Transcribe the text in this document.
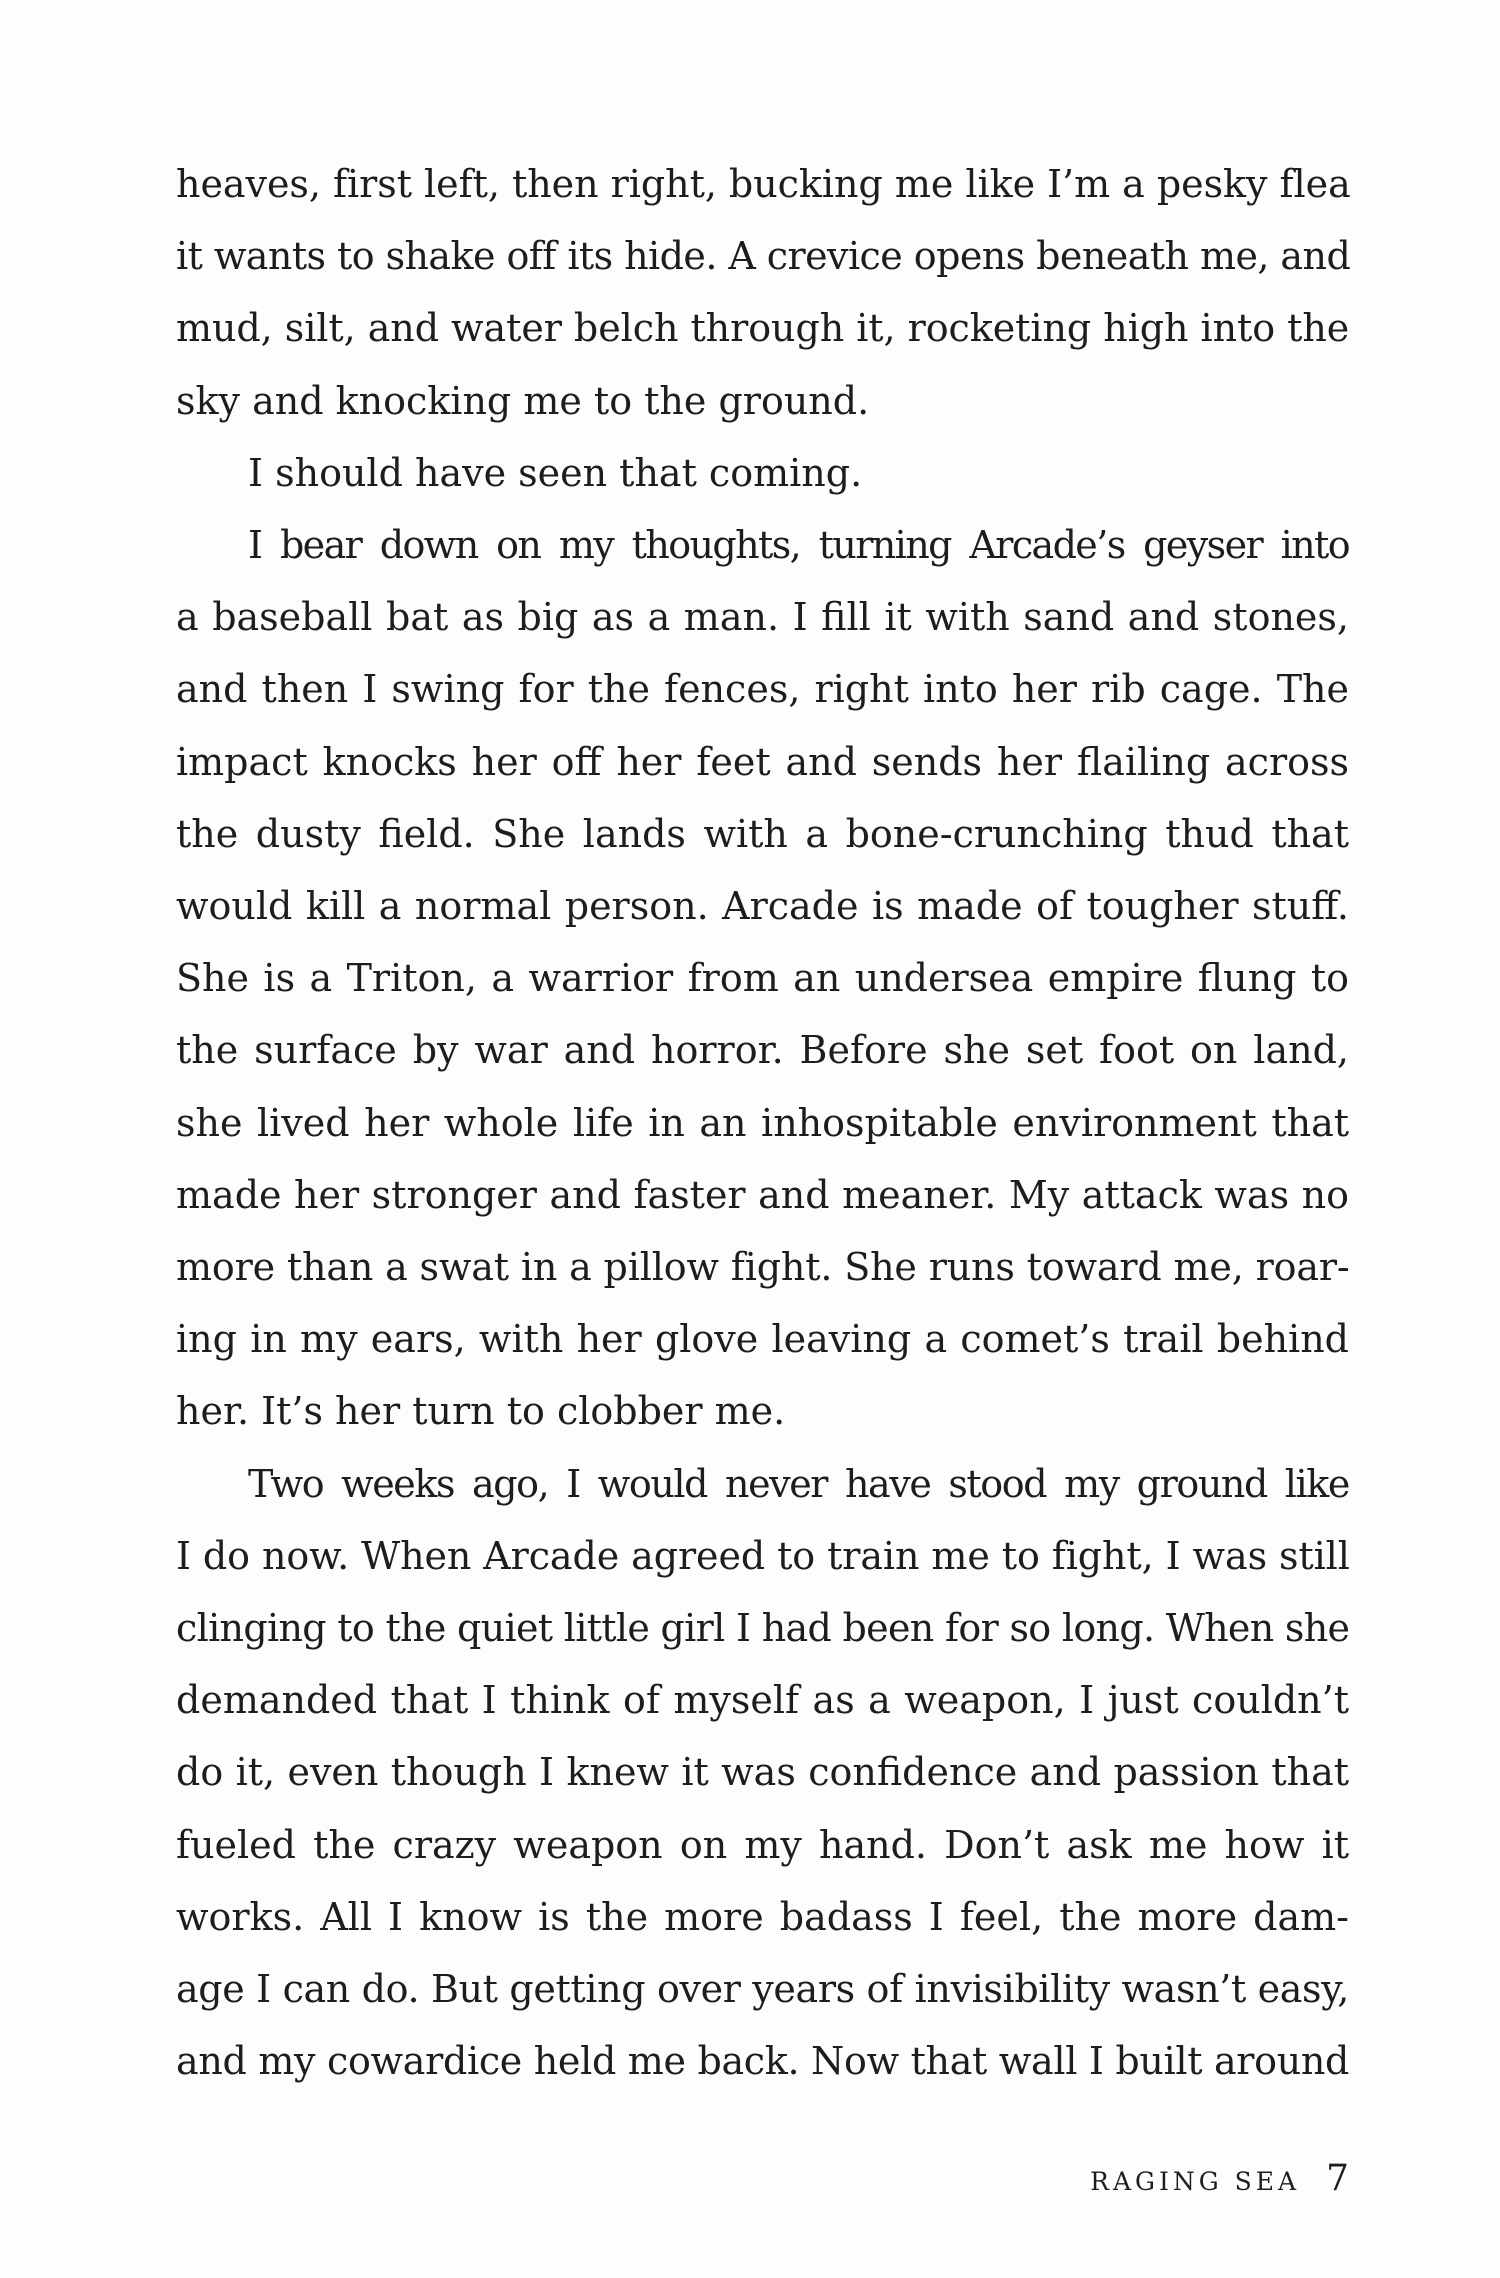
heaves, first left, then right, bucking me like I’m a pesky flea
it wants to shake off its hide. A crevice opens beneath me, and
mud, silt, and water belch through it, rocketing high into the
sky and knocking me to the ground.

I should have seen that coming.

I bear down on my thoughts, turning Arcade’s geyser into
a baseball bat as big as a man. I fill it with sand and stones,
and then I swing for the fences, right into her rib cage. The
impact knocks her off her feet and sends her flailing across
the dusty field. She lands with a bone-crunching thud that
would kill a normal person. Arcade is made of tougher stuff.
She is a Triton, a warrior from an undersea empire flung to
the surface by war and horror. Before she set foot on land,
she lived her whole life in an inhospitable environment that
made her stronger and faster and meaner. My attack was no
more than a swat in a pillow fight. She runs toward me, roar-
ing in my ears, with her glove leaving a comet’s trail behind
her. It’s her turn to clobber me.

Two weeks ago, I would never have stood my ground like
I do now. When Arcade agreed to train me to fight, I was still
clinging to the quiet little girl I had been for so long. When she
demanded that I think of myself as a weapon, I just couldn’t
do it, even though I knew it was confidence and passion that
fueled the crazy weapon on my hand. Don’t ask me how it
works. All I know is the more badass I feel, the more dam-
age I can do. But getting over years of invisibility wasn’t easy,
and my cowardice held me back. Now that wall I built around

RAGING SEA 7
